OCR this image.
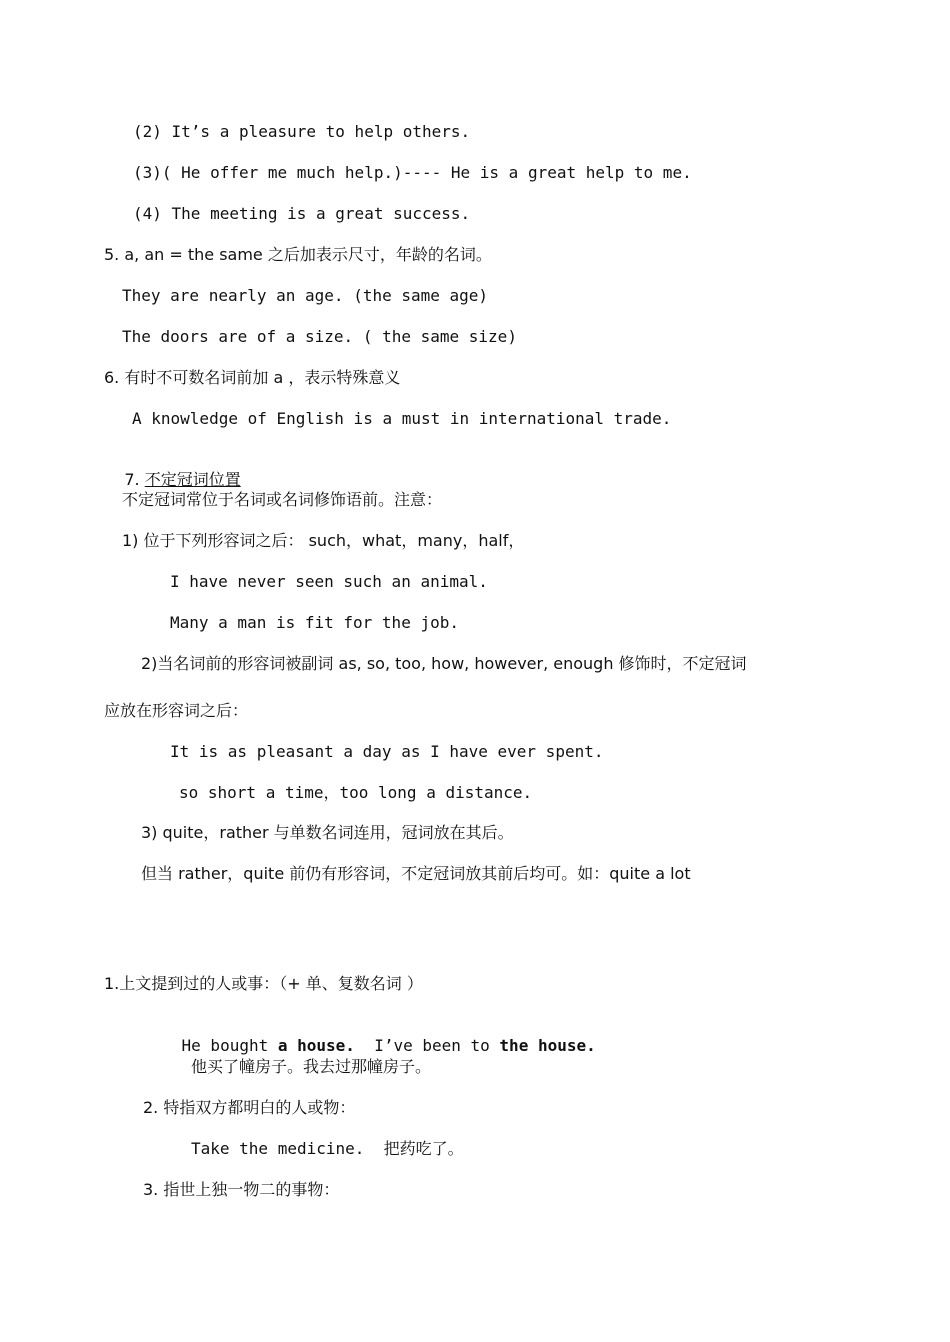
(2) It’s a pleasure to help others.
(3)( He offer me much help.)---- He is a great help to me.
(4) The meeting is a great success.
5. a, an = the same 之后加表示尺寸，年龄的名词。
They are nearly an age. (the same age)
The doors are of a size. ( the same size)
6. 有时不可数名词前加 a ，表示特殊意义
A knowledge of English is a must in international trade.

7. 不定冠词位置

不定冠词常位于名词或名词修饰语前。注意：
1) 位于下列形容词之后： such，what，many，half，
I have never seen such an animal.
Many a man is fit for the job.
2)当名词前的形容词被副词 as, so, too, how, however, enough 修饰时，不定冠词
应放在形容词之后：
It is as pleasant a day as I have ever spent.
so short a time，too long a distance.
3) quite，rather 与单数名词连用，冠词放在其后。
但当 rather，quite 前仍有形容词，不定冠词放其前后均可。如：quite a lot
1.上文提到过的人或事：（+ 单、复数名词 ）

He bought a house.  I’ve been to the house.

他买了幢房子。我去过那幢房子。
2. 特指双方都明白的人或物：
Take the medicine.  把药吃了。
3. 指世上独一物二的事物：
